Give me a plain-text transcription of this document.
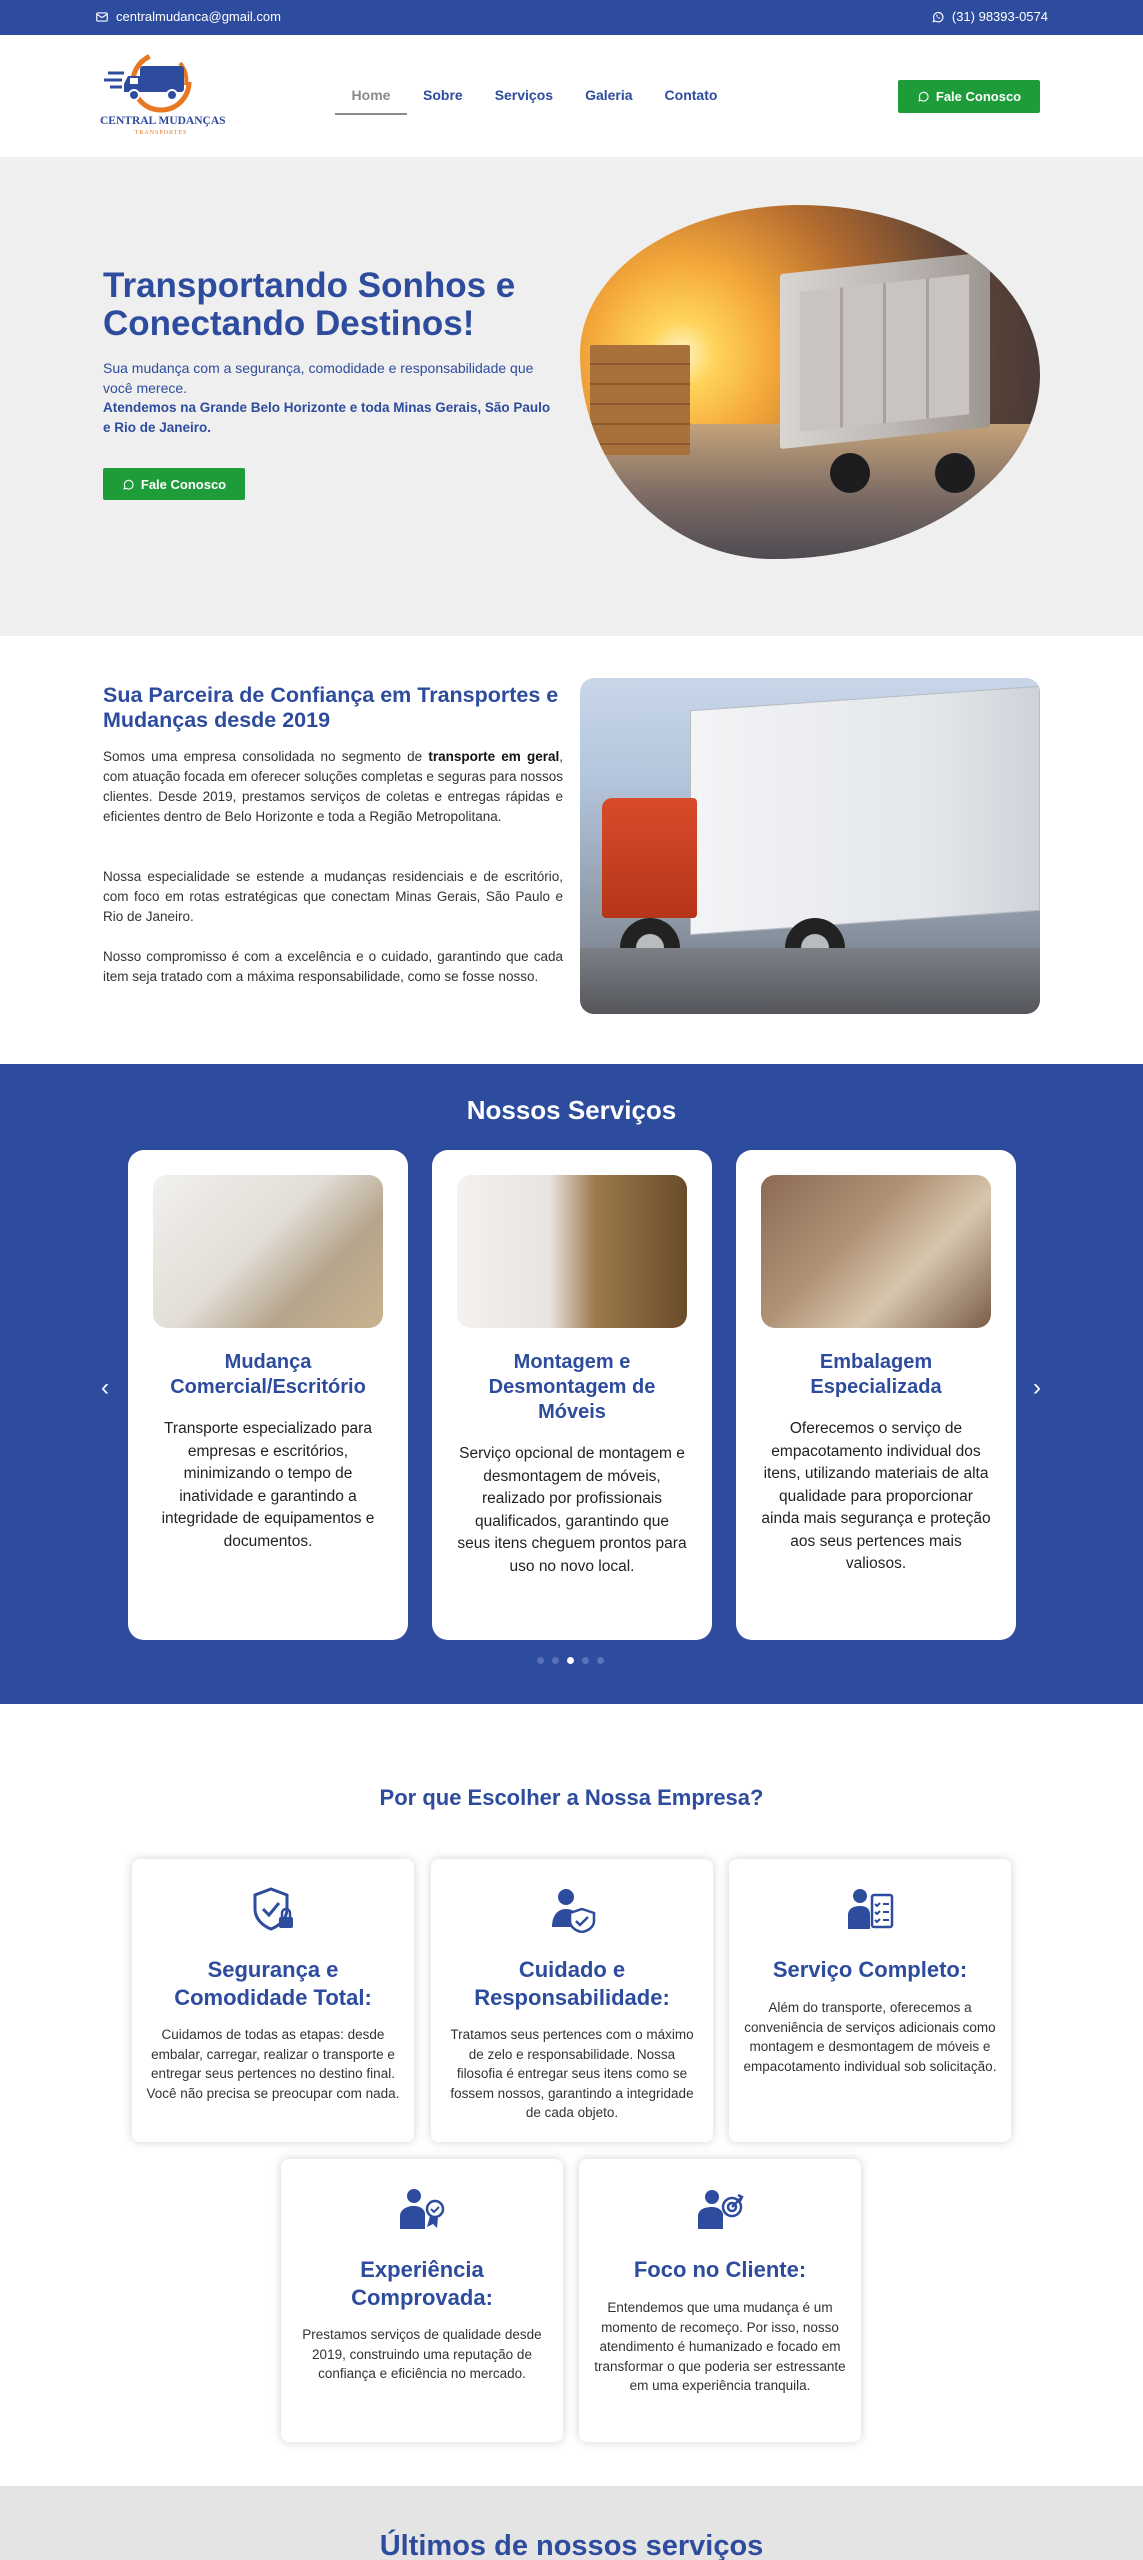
centralmudanca@gmail.com	(31) 98393-0574
CENTRAL MUDANÇAS
TRANSPORTES
Home	Sobre	Serviços	Galeria	Contato	Fale Conosco
Transportando Sonhos e Conectando Destinos!
Sua mudança com a segurança, comodidade e responsabilidade que você merece.
Atendemos na Grande Belo Horizonte e toda Minas Gerais, São Paulo e Rio de Janeiro.
Fale Conosco
Sua Parceira de Confiança em Transportes e Mudanças desde 2019

Somos uma empresa consolidada no segmento de transporte em geral, com atuação focada em oferecer soluções completas e seguras para nossos clientes. Desde 2019, prestamos serviços de coletas e entregas rápidas e eficientes dentro de Belo Horizonte e toda a Região Metropolitana.

Nossa especialidade se estende a mudanças residenciais e de escritório, com foco em rotas estratégicas que conectam Minas Gerais, São Paulo e Rio de Janeiro.

Nosso compromisso é com a excelência e o cuidado, garantindo que cada item seja tratado com a máxima responsabilidade, como se fosse nosso.

Nossos Serviços
Mudança Comercial/Escritório

Transporte especializado para empresas e escritórios, minimizando o tempo de inatividade e garantindo a integridade de equipamentos e documentos.

Montagem e Desmontagem de Móveis

Serviço opcional de montagem e desmontagem de móveis, realizado por profissionais qualificados, garantindo que seus itens cheguem prontos para uso no novo local.

Embalagem Especializada

Oferecemos o serviço de empacotamento individual dos itens, utilizando materiais de alta qualidade para proporcionar ainda mais segurança e proteção aos seus pertences mais valiosos.

‹	›
Por que Escolher a Nossa Empresa?
Segurança e Comodidade Total:

Cuidamos de todas as etapas: desde embalar, carregar, realizar o transporte e entregar seus pertences no destino final. Você não precisa se preocupar com nada.

Cuidado e Responsabilidade:

Tratamos seus pertences com o máximo de zelo e responsabilidade. Nossa filosofia é entregar seus itens como se fossem nossos, garantindo a integridade de cada objeto.

Serviço Completo:

Além do transporte, oferecemos a conveniência de serviços adicionais como montagem e desmontagem de móveis e empacotamento individual sob solicitação.

Experiência Comprovada:

Prestamos serviços de qualidade desde 2019, construindo uma reputação de confiança e eficiência no mercado.

Foco no Cliente:

Entendemos que uma mudança é um momento de recomeço. Por isso, nosso atendimento é humanizado e focado em transformar o que poderia ser estressante em uma experiência tranquila.

Últimos de nossos serviços
